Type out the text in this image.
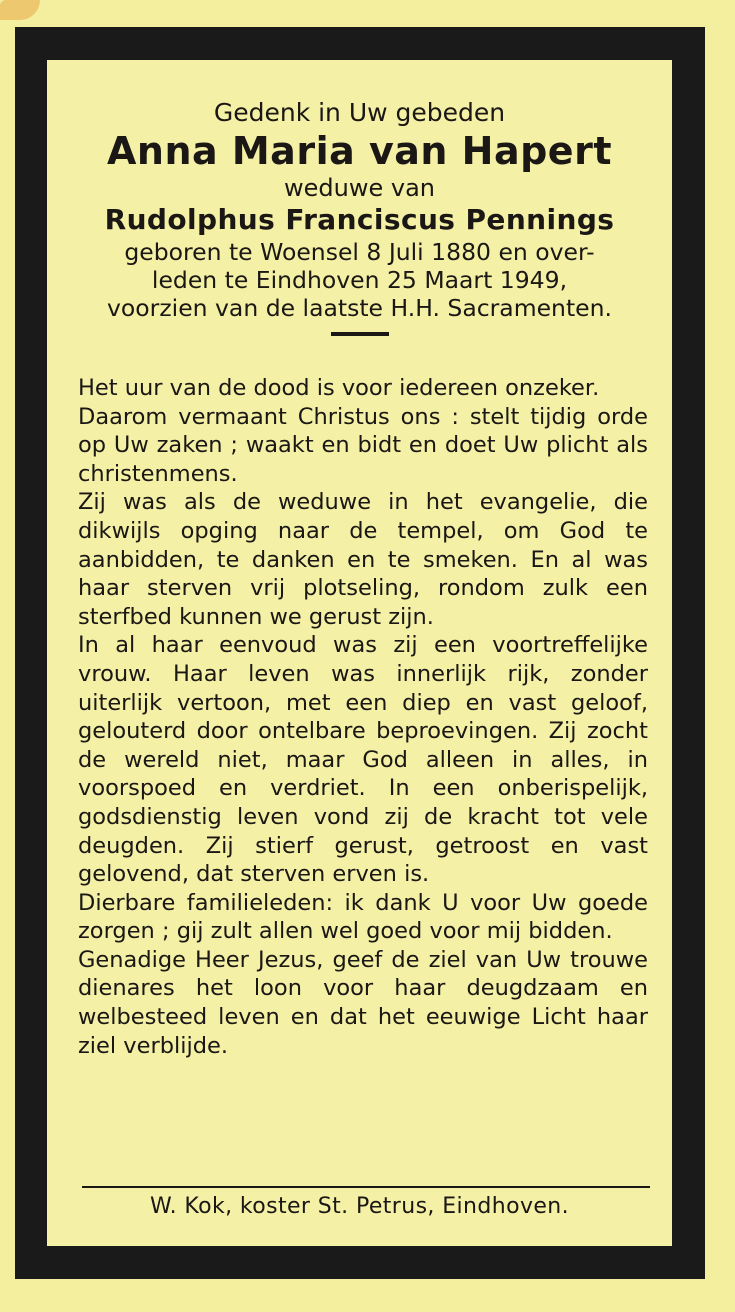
Gedenk in Uw gebeden

Anna Maria van Hapert

weduwe van

Rudolphus Franciscus Pennings

geboren te Woensel 8 Juli 1880 en over-

leden te Eindhoven 25 Maart 1949,

voorzien van de laatste H.H. Sacramenten.

Het uur van de dood is voor iedereen onzeker.

Daarom vermaant Christus ons : stelt tijdig orde op Uw zaken ; waakt en bidt en doet Uw plicht als christenmens.

Zij was als de weduwe in het evangelie, die dikwijls opging naar de tempel, om God te aanbidden, te danken en te smeken. En al was haar sterven vrij plotseling, rondom zulk een sterfbed kunnen we gerust zijn.

In al haar eenvoud was zij een voortreffelijke vrouw. Haar leven was innerlijk rijk, zonder uiterlijk vertoon, met een diep en vast geloof, gelouterd door ontelbare beproevingen. Zij zocht de wereld niet, maar God alleen in alles, in voorspoed en verdriet. In een onberispelijk, godsdienstig leven vond zij de kracht tot vele deugden. Zij stierf gerust, getroost en vast gelovend, dat sterven erven is.

Dierbare familieleden: ik dank U voor Uw goede zorgen ; gij zult allen wel goed voor mij bidden.

Genadige Heer Jezus, geef de ziel van Uw trouwe dienares het loon voor haar deugdzaam en welbesteed leven en dat het eeuwige Licht haar ziel verblijde.

W. Kok, koster St. Petrus, Eindhoven.
